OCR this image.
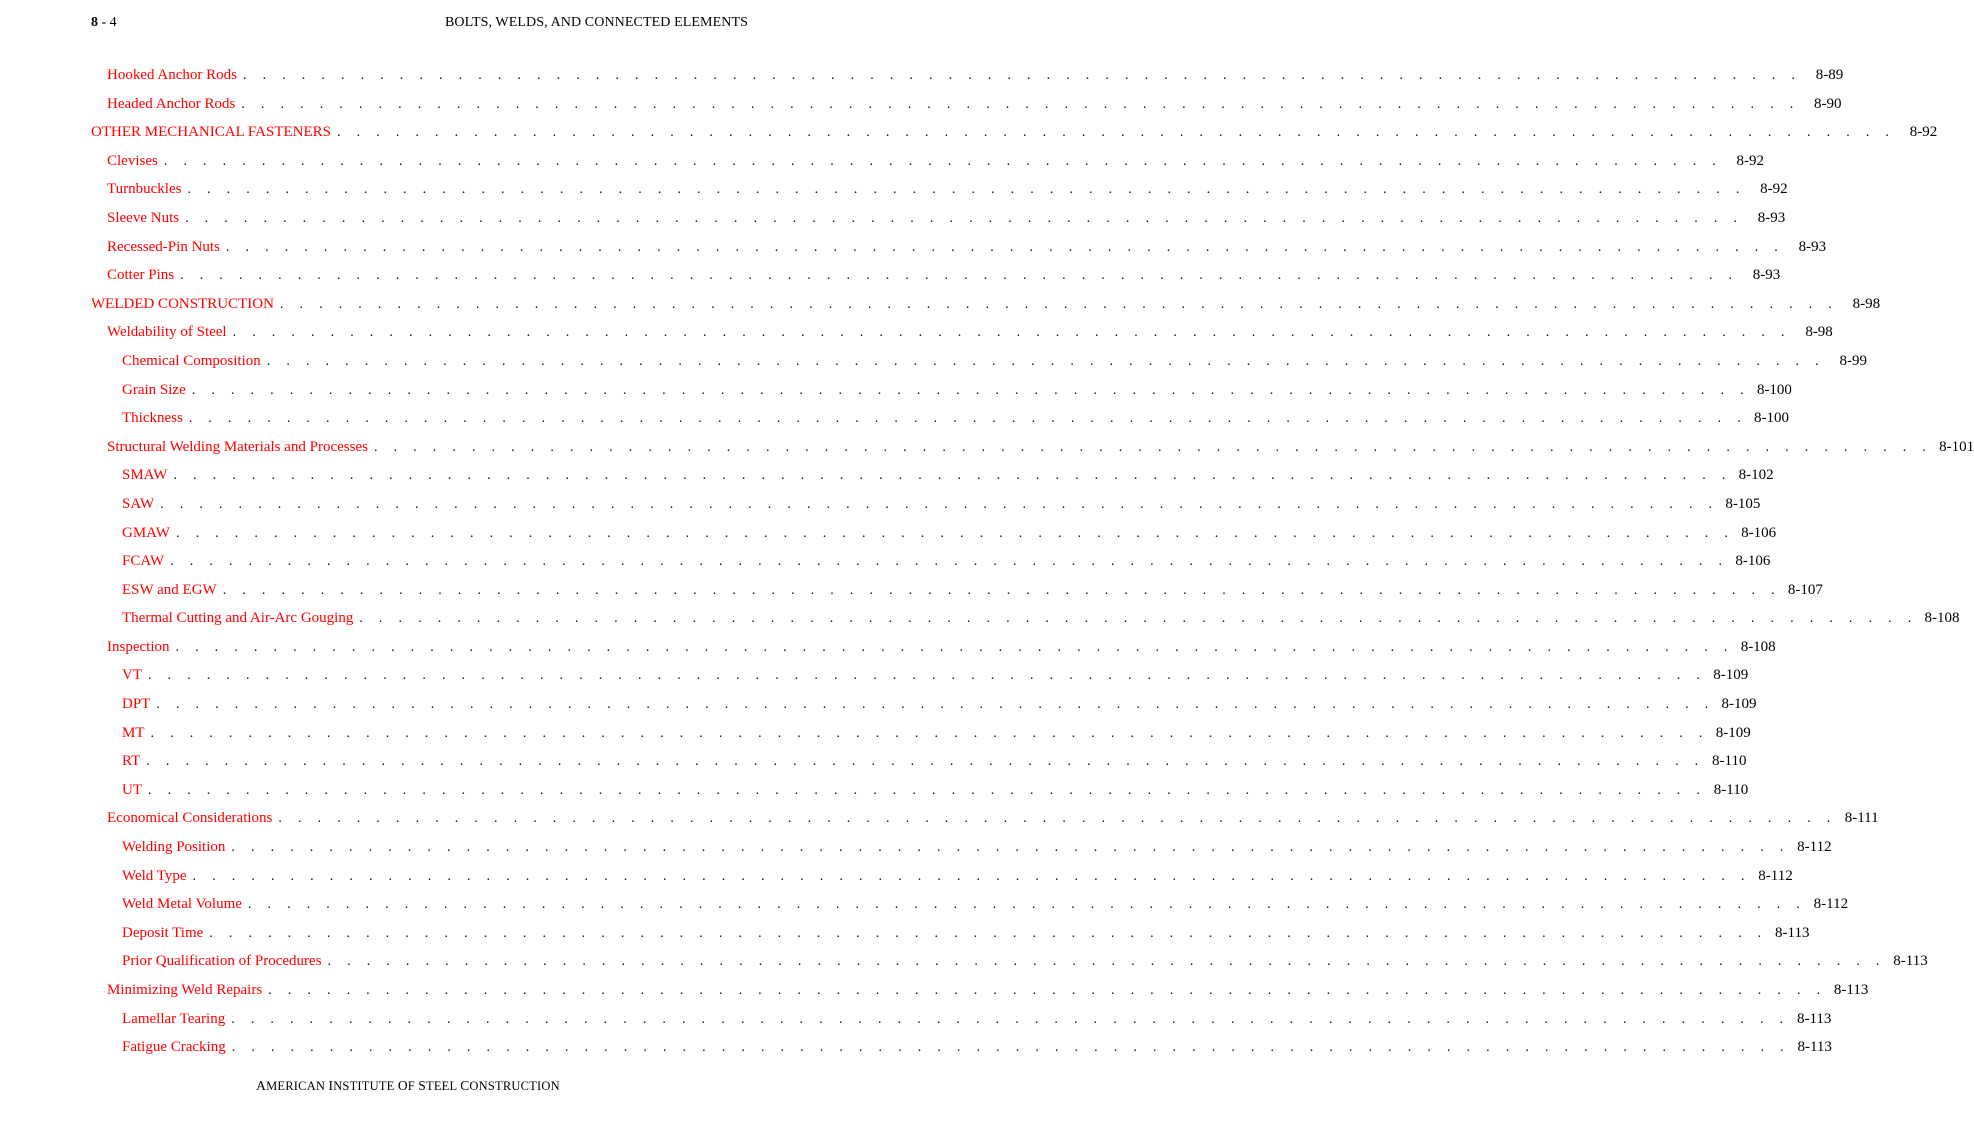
8 - 4	BOLTS, WELDS, AND CONNECTED ELEMENTS
Hooked Anchor Rods . . . . . . . . . . . . . . . . . . . . . . . . . . . . . . . . . . . . . . . . . . . . . . . . . . . . . . . . . . . . . . . . . . . . . . . . . . . . . . . . 8-89
Headed Anchor Rods . . . . . . . . . . . . . . . . . . . . . . . . . . . . . . . . . . . . . . . . . . . . . . . . . . . . . . . . . . . . . . . . . . . . . . . . . . . . . . . . 8-90
OTHER MECHANICAL FASTENERS . . . . . . . . . . . . . . . . . . . . . . . . . . . . . . . . . . . . . . . . . . . . . . . . . . . . . . . . . . . . . . . . . . . . . . . . . . . . . . . . 8-92
Clevises . . . . . . . . . . . . . . . . . . . . . . . . . . . . . . . . . . . . . . . . . . . . . . . . . . . . . . . . . . . . . . . . . . . . . . . . . . . . . . . . 8-92
Turnbuckles . . . . . . . . . . . . . . . . . . . . . . . . . . . . . . . . . . . . . . . . . . . . . . . . . . . . . . . . . . . . . . . . . . . . . . . . . . . . . . . . 8-92
Sleeve Nuts . . . . . . . . . . . . . . . . . . . . . . . . . . . . . . . . . . . . . . . . . . . . . . . . . . . . . . . . . . . . . . . . . . . . . . . . . . . . . . . . 8-93
Recessed-Pin Nuts . . . . . . . . . . . . . . . . . . . . . . . . . . . . . . . . . . . . . . . . . . . . . . . . . . . . . . . . . . . . . . . . . . . . . . . . . . . . . . . . 8-93
Cotter Pins . . . . . . . . . . . . . . . . . . . . . . . . . . . . . . . . . . . . . . . . . . . . . . . . . . . . . . . . . . . . . . . . . . . . . . . . . . . . . . . . 8-93
WELDED CONSTRUCTION . . . . . . . . . . . . . . . . . . . . . . . . . . . . . . . . . . . . . . . . . . . . . . . . . . . . . . . . . . . . . . . . . . . . . . . . . . . . . . . . 8-98
Weldability of Steel . . . . . . . . . . . . . . . . . . . . . . . . . . . . . . . . . . . . . . . . . . . . . . . . . . . . . . . . . . . . . . . . . . . . . . . . . . . . . . . . 8-98
Chemical Composition . . . . . . . . . . . . . . . . . . . . . . . . . . . . . . . . . . . . . . . . . . . . . . . . . . . . . . . . . . . . . . . . . . . . . . . . . . . . . . . . 8-99
Grain Size . . . . . . . . . . . . . . . . . . . . . . . . . . . . . . . . . . . . . . . . . . . . . . . . . . . . . . . . . . . . . . . . . . . . . . . . . . . . . . . . 8-100
Thickness . . . . . . . . . . . . . . . . . . . . . . . . . . . . . . . . . . . . . . . . . . . . . . . . . . . . . . . . . . . . . . . . . . . . . . . . . . . . . . . . 8-100
Structural Welding Materials and Processes . . . . . . . . . . . . . . . . . . . . . . . . . . . . . . . . . . . . . . . . . . . . . . . . . . . . . . . . . . . . . . . . . . . . . . . . . . . . . . . . 8-101
SMAW . . . . . . . . . . . . . . . . . . . . . . . . . . . . . . . . . . . . . . . . . . . . . . . . . . . . . . . . . . . . . . . . . . . . . . . . . . . . . . . . 8-102
SAW . . . . . . . . . . . . . . . . . . . . . . . . . . . . . . . . . . . . . . . . . . . . . . . . . . . . . . . . . . . . . . . . . . . . . . . . . . . . . . . . 8-105
GMAW . . . . . . . . . . . . . . . . . . . . . . . . . . . . . . . . . . . . . . . . . . . . . . . . . . . . . . . . . . . . . . . . . . . . . . . . . . . . . . . . 8-106
FCAW . . . . . . . . . . . . . . . . . . . . . . . . . . . . . . . . . . . . . . . . . . . . . . . . . . . . . . . . . . . . . . . . . . . . . . . . . . . . . . . . 8-106
ESW and EGW . . . . . . . . . . . . . . . . . . . . . . . . . . . . . . . . . . . . . . . . . . . . . . . . . . . . . . . . . . . . . . . . . . . . . . . . . . . . . . . . 8-107
Thermal Cutting and Air-Arc Gouging . . . . . . . . . . . . . . . . . . . . . . . . . . . . . . . . . . . . . . . . . . . . . . . . . . . . . . . . . . . . . . . . . . . . . . . . . . . . . . . . 8-108
Inspection . . . . . . . . . . . . . . . . . . . . . . . . . . . . . . . . . . . . . . . . . . . . . . . . . . . . . . . . . . . . . . . . . . . . . . . . . . . . . . . . 8-108
VT . . . . . . . . . . . . . . . . . . . . . . . . . . . . . . . . . . . . . . . . . . . . . . . . . . . . . . . . . . . . . . . . . . . . . . . . . . . . . . . . 8-109
DPT . . . . . . . . . . . . . . . . . . . . . . . . . . . . . . . . . . . . . . . . . . . . . . . . . . . . . . . . . . . . . . . . . . . . . . . . . . . . . . . . 8-109
MT . . . . . . . . . . . . . . . . . . . . . . . . . . . . . . . . . . . . . . . . . . . . . . . . . . . . . . . . . . . . . . . . . . . . . . . . . . . . . . . . 8-109
RT . . . . . . . . . . . . . . . . . . . . . . . . . . . . . . . . . . . . . . . . . . . . . . . . . . . . . . . . . . . . . . . . . . . . . . . . . . . . . . . . 8-110
UT . . . . . . . . . . . . . . . . . . . . . . . . . . . . . . . . . . . . . . . . . . . . . . . . . . . . . . . . . . . . . . . . . . . . . . . . . . . . . . . . 8-110
Economical Considerations . . . . . . . . . . . . . . . . . . . . . . . . . . . . . . . . . . . . . . . . . . . . . . . . . . . . . . . . . . . . . . . . . . . . . . . . . . . . . . . . 8-111
Welding Position . . . . . . . . . . . . . . . . . . . . . . . . . . . . . . . . . . . . . . . . . . . . . . . . . . . . . . . . . . . . . . . . . . . . . . . . . . . . . . . . 8-112
Weld Type . . . . . . . . . . . . . . . . . . . . . . . . . . . . . . . . . . . . . . . . . . . . . . . . . . . . . . . . . . . . . . . . . . . . . . . . . . . . . . . . 8-112
Weld Metal Volume . . . . . . . . . . . . . . . . . . . . . . . . . . . . . . . . . . . . . . . . . . . . . . . . . . . . . . . . . . . . . . . . . . . . . . . . . . . . . . . . 8-112
Deposit Time . . . . . . . . . . . . . . . . . . . . . . . . . . . . . . . . . . . . . . . . . . . . . . . . . . . . . . . . . . . . . . . . . . . . . . . . . . . . . . . . 8-113
Prior Qualification of Procedures . . . . . . . . . . . . . . . . . . . . . . . . . . . . . . . . . . . . . . . . . . . . . . . . . . . . . . . . . . . . . . . . . . . . . . . . . . . . . . . . 8-113
Minimizing Weld Repairs . . . . . . . . . . . . . . . . . . . . . . . . . . . . . . . . . . . . . . . . . . . . . . . . . . . . . . . . . . . . . . . . . . . . . . . . . . . . . . . . 8-113
Lamellar Tearing . . . . . . . . . . . . . . . . . . . . . . . . . . . . . . . . . . . . . . . . . . . . . . . . . . . . . . . . . . . . . . . . . . . . . . . . . . . . . . . . 8-113
Fatigue Cracking . . . . . . . . . . . . . . . . . . . . . . . . . . . . . . . . . . . . . . . . . . . . . . . . . . . . . . . . . . . . . . . . . . . . . . . . . . . . . . . . 8-113
AMERICAN INSTITUTE OF STEEL CONSTRUCTION
